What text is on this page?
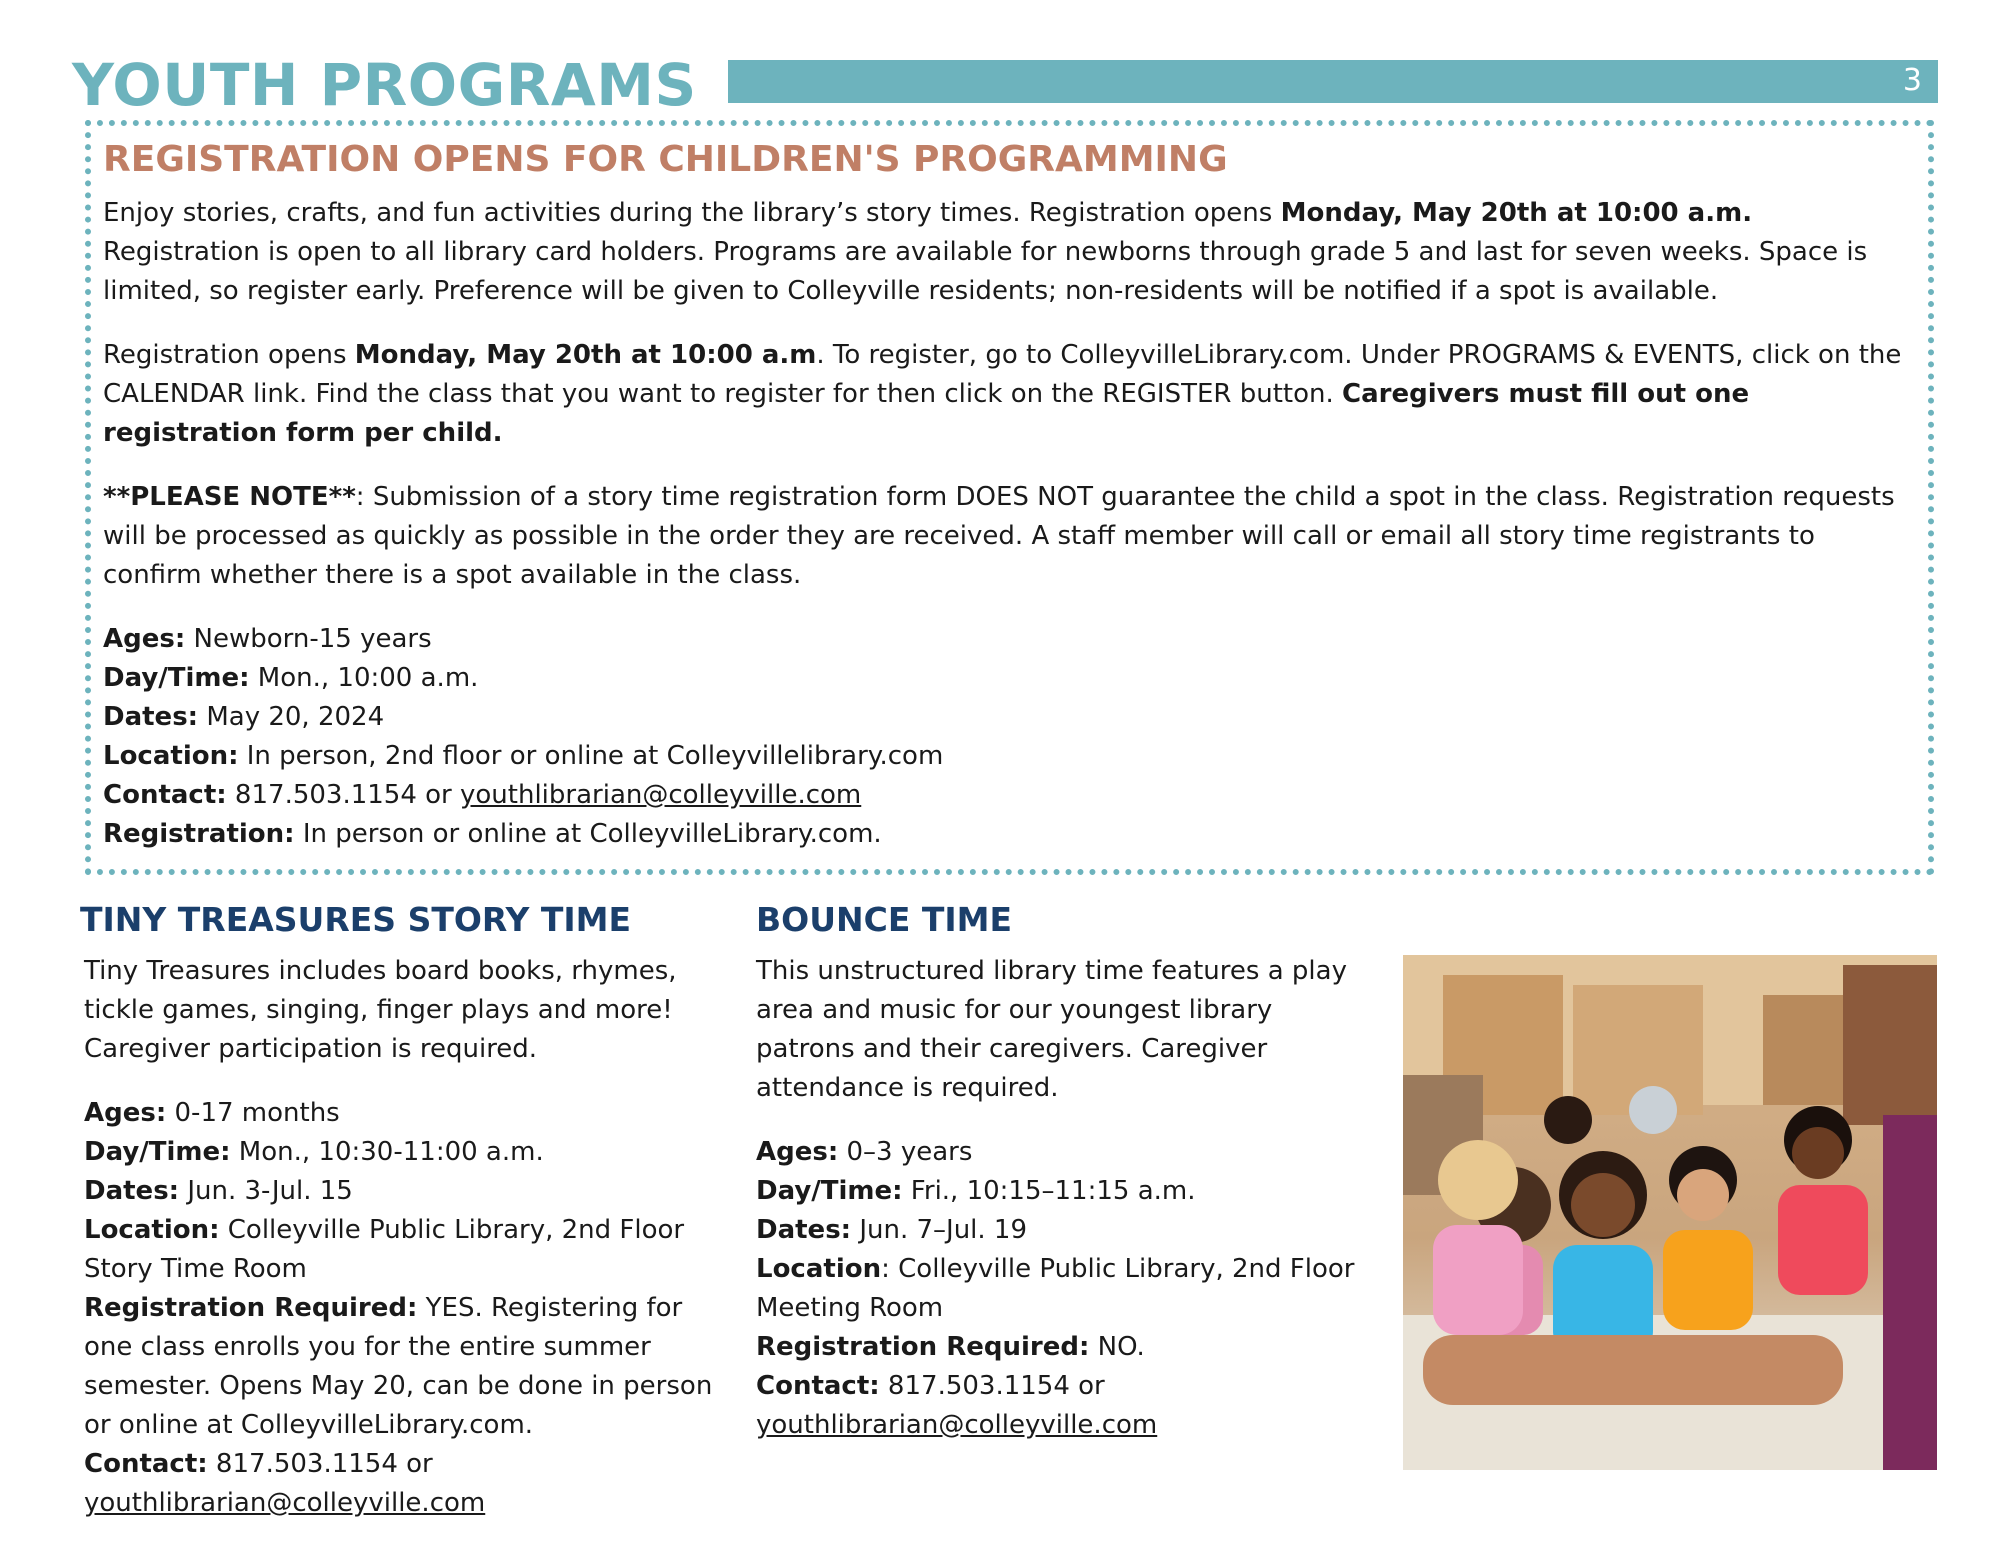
YOUTH PROGRAMS	3
REGISTRATION OPENS FOR CHILDREN'S PROGRAMMING

Enjoy stories, crafts, and fun activities during the library’s story times. Registration opens Monday, May 20th at 10:00 a.m. Registration is open to all library card holders. Programs are available for newborns through grade 5 and last for seven weeks. Space is limited, so register early. Preference will be given to Colleyville residents; non-residents will be notified if a spot is available.

Registration opens Monday, May 20th at 10:00 a.m. To register, go to ColleyvilleLibrary.com. Under PROGRAMS & EVENTS, click on the CALENDAR link. Find the class that you want to register for then click on the REGISTER button. Caregivers must fill out one registration form per child.

**PLEASE NOTE**: Submission of a story time registration form DOES NOT guarantee the child a spot in the class. Registration requests will be processed as quickly as possible in the order they are received. A staff member will call or email all story time registrants to confirm whether there is a spot available in the class.

Ages: Newborn-15 years
Day/Time: Mon., 10:00 a.m.
Dates: May 20, 2024
Location: In person, 2nd floor or online at Colleyvillelibrary.com
Contact: 817.503.1154 or youthlibrarian@colleyville.com
Registration: In person or online at ColleyvilleLibrary.com.
TINY TREASURES STORY TIME

Tiny Treasures includes board books, rhymes, tickle games, singing, finger plays and more! Caregiver participation is required.

Ages: 0-17 months
Day/Time: Mon., 10:30-11:00 a.m.
Dates: Jun. 3-Jul. 15
Location: Colleyville Public Library, 2nd Floor Story Time Room
Registration Required: YES. Registering for one class enrolls you for the entire summer semester. Opens May 20, can be done in person or online at ColleyvilleLibrary.com.
Contact: 817.503.1154 or
youthlibrarian@colleyville.com
BOUNCE TIME

This unstructured library time features a play area and music for our youngest library patrons and their caregivers. Caregiver attendance is required.

Ages: 0–3 years
Day/Time: Fri., 10:15–11:15 a.m.
Dates: Jun. 7–Jul. 19
Location: Colleyville Public Library, 2nd Floor Meeting Room
Registration Required: NO.
Contact: 817.503.1154 or
youthlibrarian@colleyville.com
